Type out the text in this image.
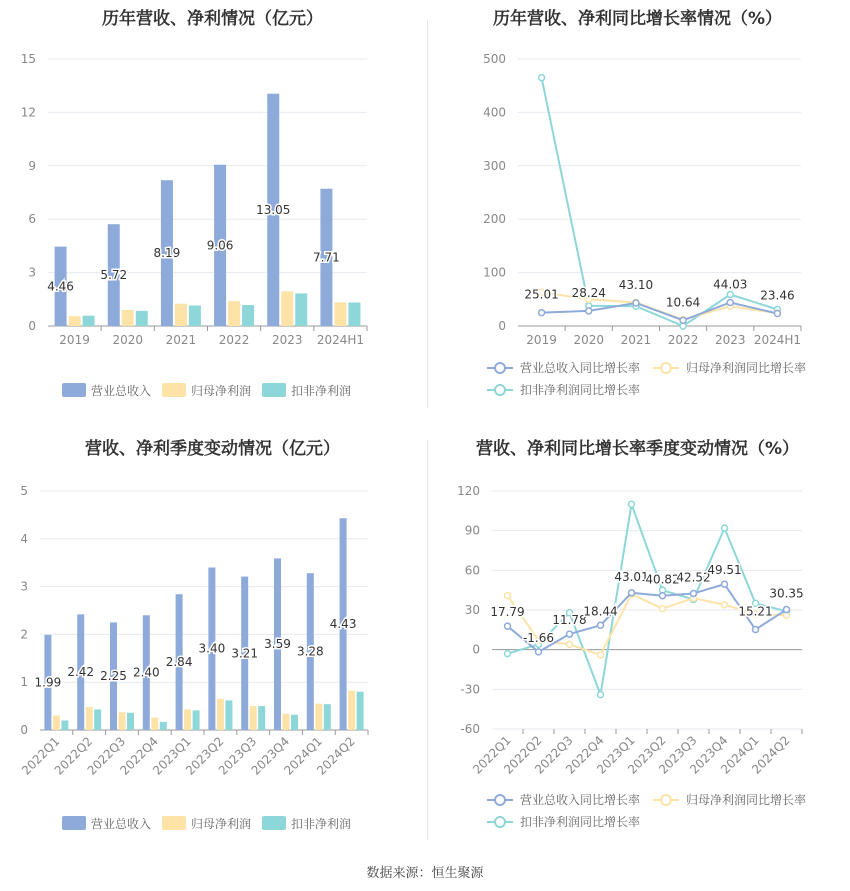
历年营收、净利情况（亿元）
0
3
6
9
12
15
2019 2020 2021 2022 2023 2024H1
4.46
5.72
8.19
9.06
13.05
7.71
营业总收入	归母净利润	扣非净利润
历年营收、净利同比增长率情况（%）
0
100
200
300
400
500
2019 2020 2021 2022 2023 2024H1
25.01 28.24
43.10
10.64
44.03
23.46
营业总收入同比增长率	归母净利润同比增长率
扣非净利润同比增长率
营收、净利季度变动情况（亿元）
0
1
2
3
4
5
2022Q1
2022Q2
2022Q3
2022Q4
2023Q1
2023Q2
2023Q3
2023Q4
2024Q1
2024Q2
1.99
2.42 2.25 2.40
2.84
3.40 3.21
3.59
3.28
4.43
营业总收入	归母净利润	扣非净利润
营收、净利同比增长率季度变动情况（%）
-60
-30
0
30
60
90
120
2022Q1
2022Q2
2022Q3
2022Q4
2023Q1
2023Q2
2023Q3
2023Q4
2024Q1
2024Q2
17.79
-1.66
11.78
18.44
43.01
40.82
42.52
49.51
15.21
30.35
营业总收入同比增长率	归母净利润同比增长率
扣非净利润同比增长率
数据来源：恒生聚源
